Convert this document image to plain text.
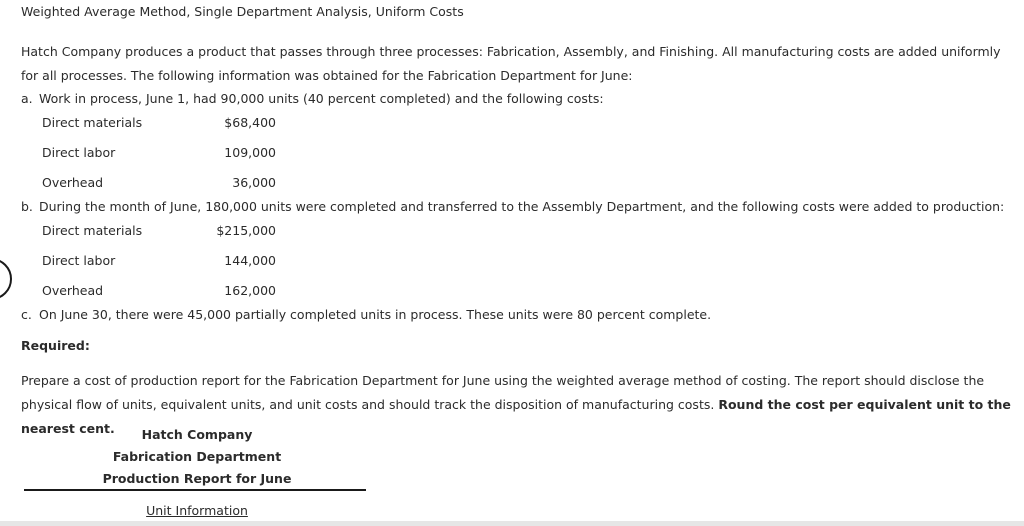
Weighted Average Method, Single Department Analysis, Uniform Costs
Hatch Company produces a product that passes through three processes: Fabrication, Assembly, and Finishing. All manufacturing costs are added uniformly for all processes. The following information was obtained for the Fabrication Department for June:
a. Work in process, June 1, had 90,000 units (40 percent completed) and the following costs:
Direct materials	$68,400
Direct labor	109,000
Overhead	36,000
b. During the month of June, 180,000 units were completed and transferred to the Assembly Department, and the following costs were added to production:
Direct materials	$215,000
Direct labor	144,000
Overhead	162,000
c. On June 30, there were 45,000 partially completed units in process. These units were 80 percent complete.
Required:
Prepare a cost of production report for the Fabrication Department for June using the weighted average method of costing. The report should disclose the physical flow of units, equivalent units, and unit costs and should track the disposition of manufacturing costs. Round the cost per equivalent unit to the nearest cent.	Hatch Company
Fabrication Department
Production Report for June
Unit Information
